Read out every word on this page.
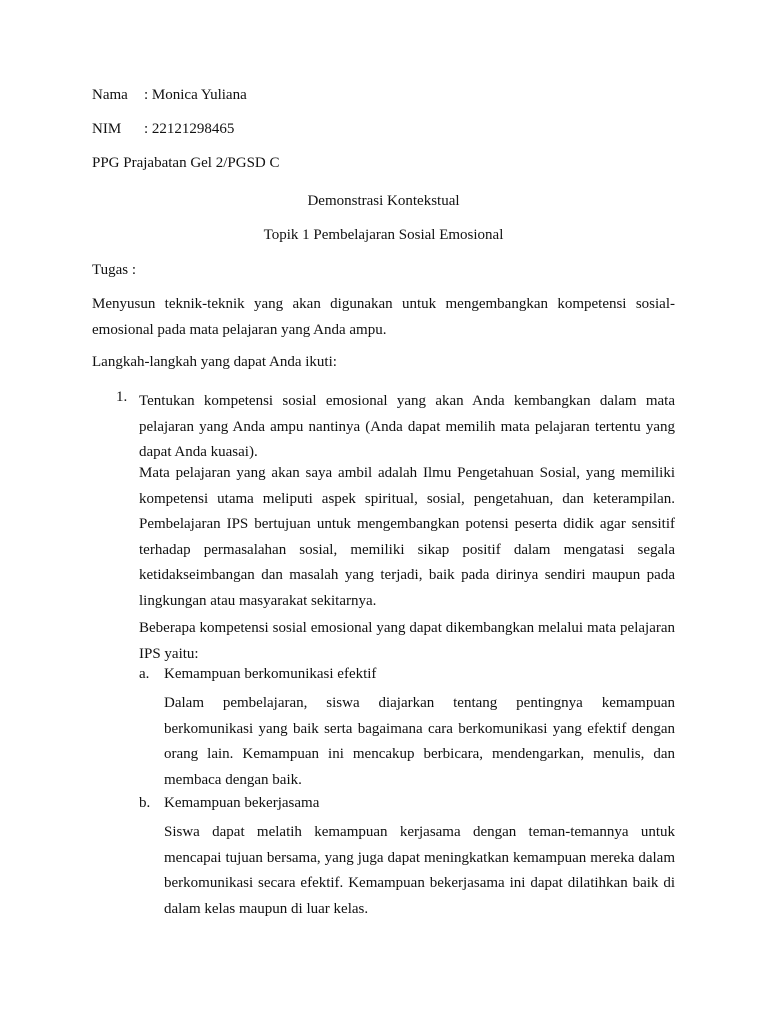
Nama : Monica Yuliana
NIM : 22121298465
PPG Prajabatan Gel 2/PGSD C
Demonstrasi Kontekstual
Topik 1 Pembelajaran Sosial Emosional
Tugas :
Menyusun teknik-teknik yang akan digunakan untuk mengembangkan kompetensi sosial-emosional pada mata pelajaran yang Anda ampu.
Langkah-langkah yang dapat Anda ikuti:
1. Tentukan kompetensi sosial emosional yang akan Anda kembangkan dalam mata pelajaran yang Anda ampu nantinya (Anda dapat memilih mata pelajaran tertentu yang dapat Anda kuasai).
Mata pelajaran yang akan saya ambil adalah Ilmu Pengetahuan Sosial, yang memiliki kompetensi utama meliputi aspek spiritual, sosial, pengetahuan, dan keterampilan. Pembelajaran IPS bertujuan untuk mengembangkan potensi peserta didik agar sensitif terhadap permasalahan sosial, memiliki sikap positif dalam mengatasi segala ketidakseimbangan dan masalah yang terjadi, baik pada dirinya sendiri maupun pada lingkungan atau masyarakat sekitarnya.
Beberapa kompetensi sosial emosional yang dapat dikembangkan melalui mata pelajaran IPS yaitu:
a. Kemampuan berkomunikasi efektif
Dalam pembelajaran, siswa diajarkan tentang pentingnya kemampuan berkomunikasi yang baik serta bagaimana cara berkomunikasi yang efektif dengan orang lain. Kemampuan ini mencakup berbicara, mendengarkan, menulis, dan membaca dengan baik.
b. Kemampuan bekerjasama
Siswa dapat melatih kemampuan kerjasama dengan teman-temannya untuk mencapai tujuan bersama, yang juga dapat meningkatkan kemampuan mereka dalam berkomunikasi secara efektif. Kemampuan bekerjasama ini dapat dilatihkan baik di dalam kelas maupun di luar kelas.
